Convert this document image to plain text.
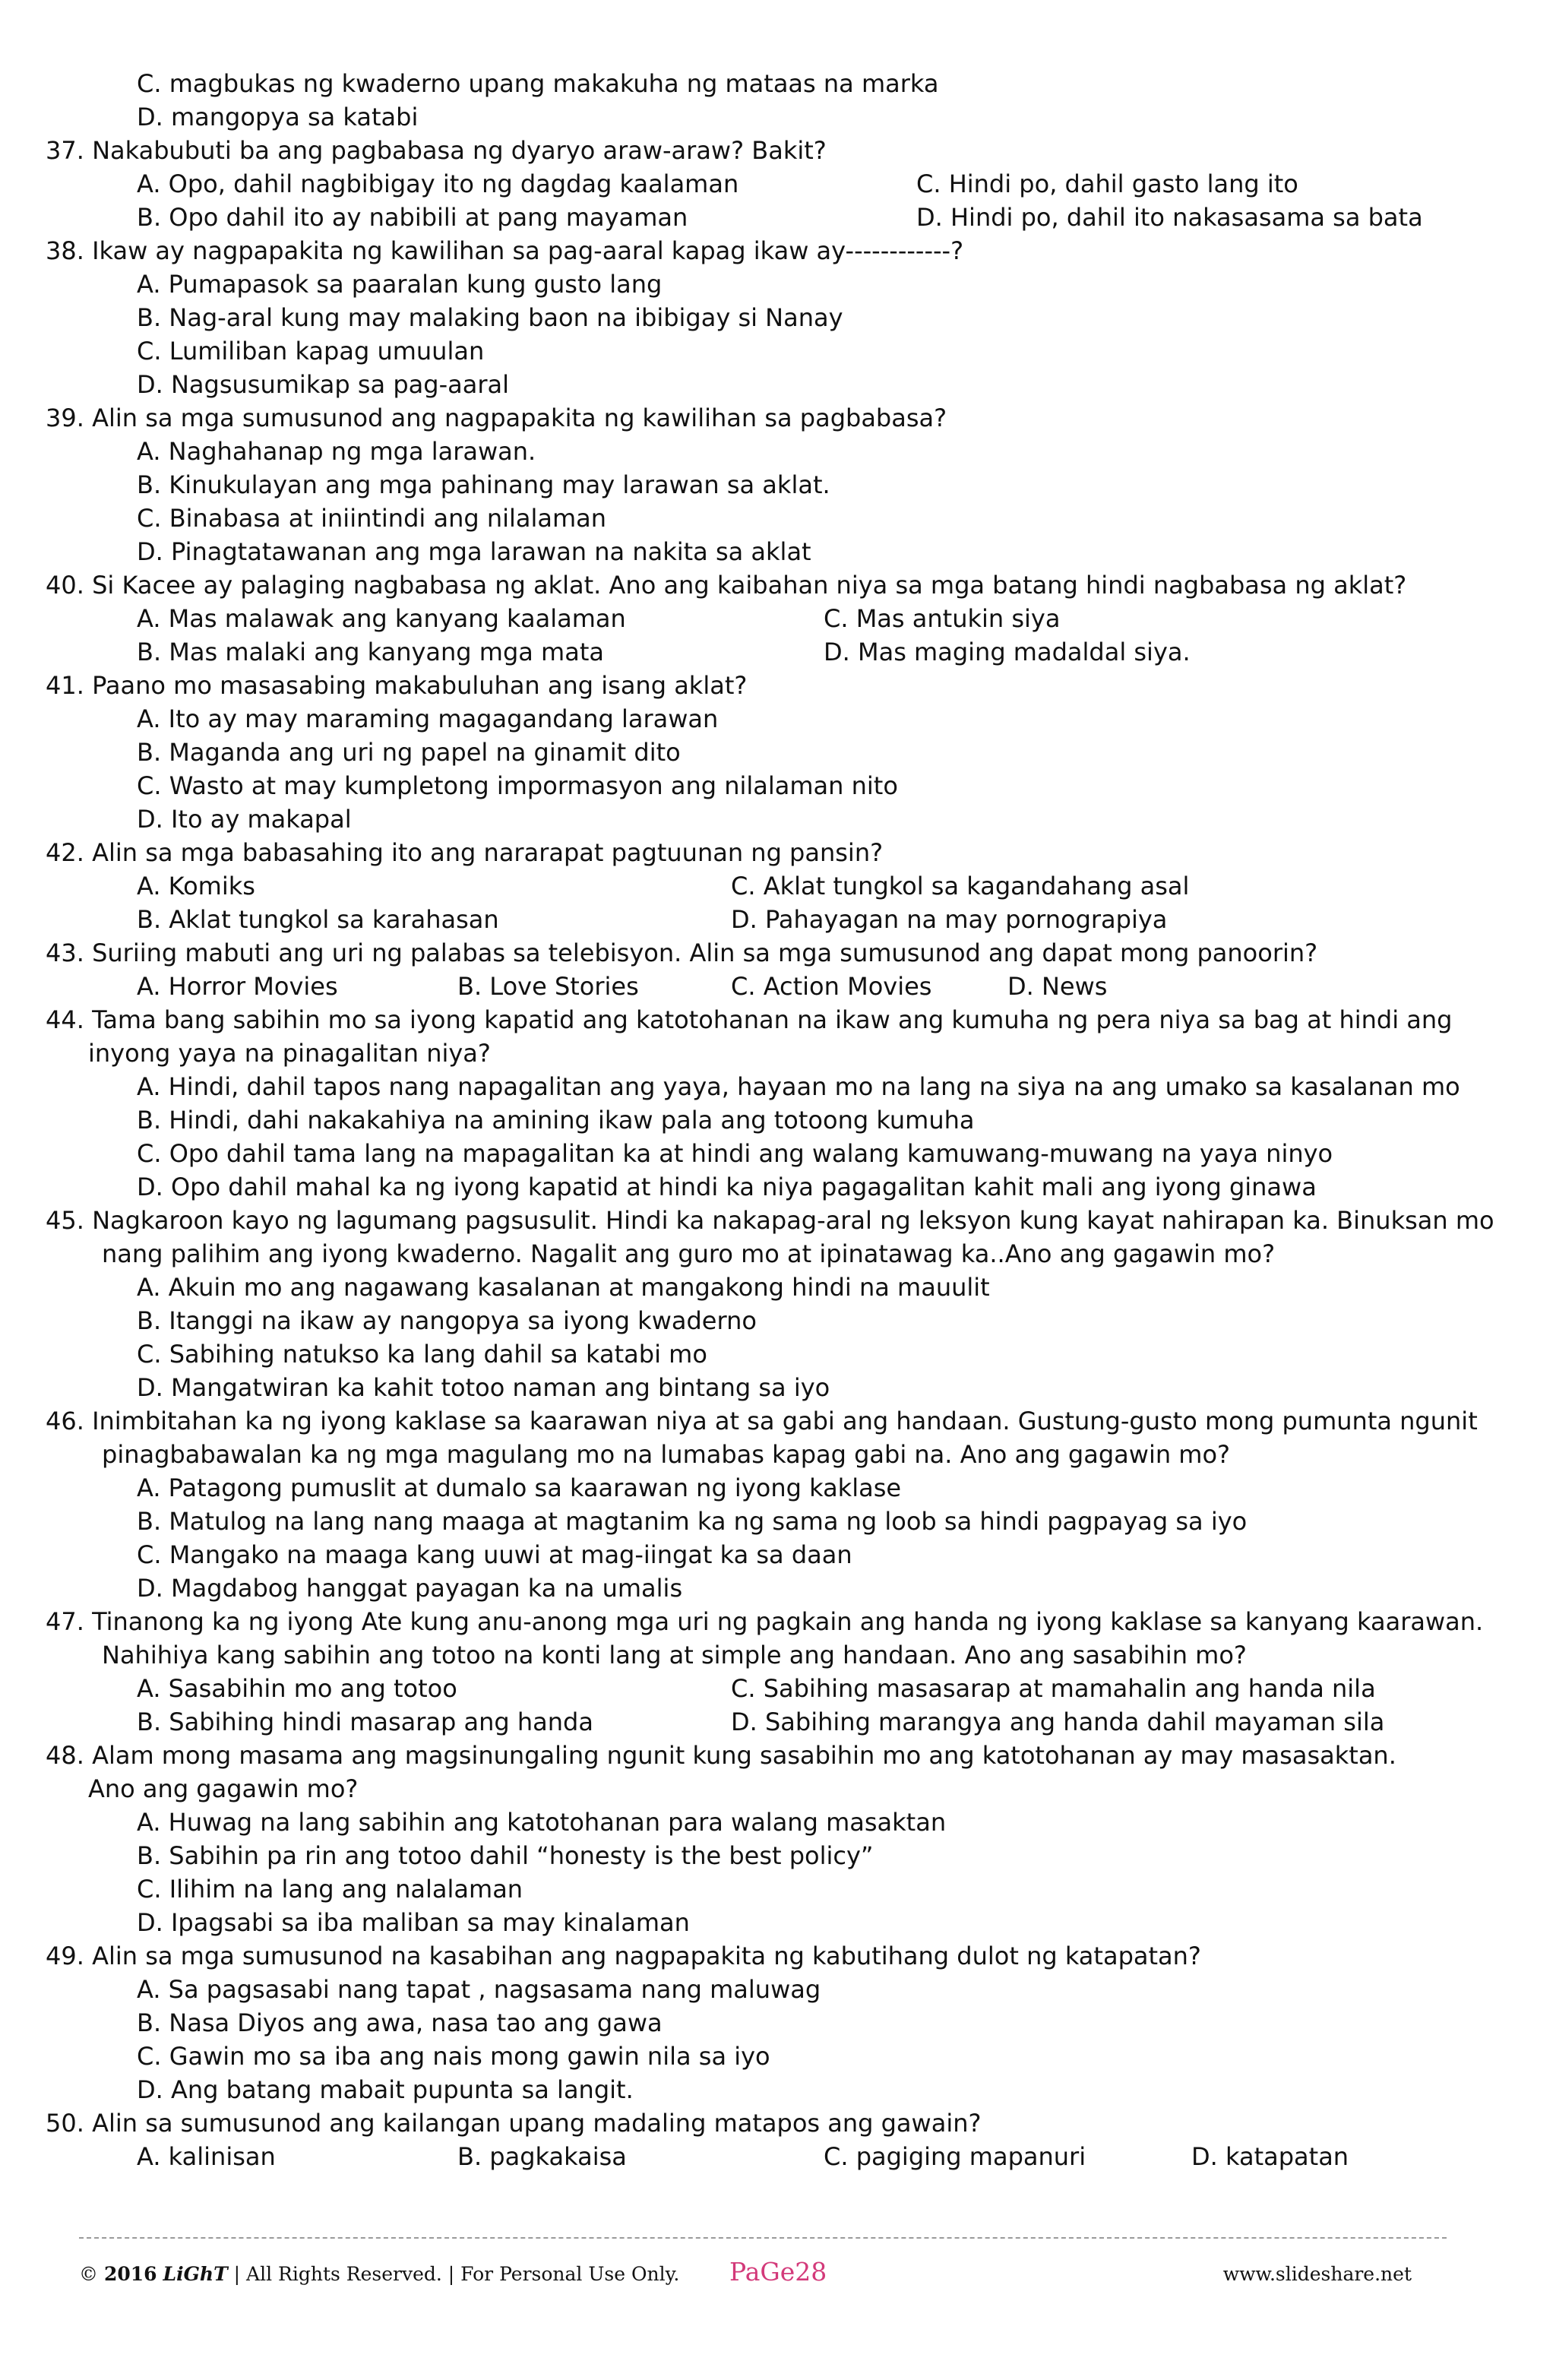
C. magbukas ng kwaderno upang makakuha ng mataas na marka
D. mangopya sa katabi
37. Nakabubuti ba ang pagbabasa ng dyaryo araw-araw? Bakit?
A. Opo, dahil nagbibigay ito ng dagdag kaalaman	C. Hindi po, dahil gasto lang ito
B. Opo dahil ito ay nabibili at pang mayaman	D. Hindi po, dahil ito nakasasama sa bata
38. Ikaw ay nagpapakita ng kawilihan sa pag-aaral kapag ikaw ay------------?
A. Pumapasok sa paaralan kung gusto lang
B. Nag-aral kung may malaking baon na ibibigay si Nanay
C. Lumiliban kapag umuulan
D. Nagsusumikap sa pag-aaral
39. Alin sa mga sumusunod ang nagpapakita ng kawilihan sa pagbabasa?
A. Naghahanap ng mga larawan.
B. Kinukulayan ang mga pahinang may larawan sa aklat.
C. Binabasa at iniintindi ang nilalaman
D. Pinagtatawanan ang mga larawan na nakita sa aklat
40. Si Kacee ay palaging nagbabasa ng aklat. Ano ang kaibahan niya sa mga batang hindi nagbabasa ng aklat?
A. Mas malawak ang kanyang kaalaman	C. Mas antukin siya
B. Mas malaki ang kanyang mga mata	D. Mas maging madaldal siya.
41. Paano mo masasabing makabuluhan ang isang aklat?
A. Ito ay may maraming magagandang larawan
B. Maganda ang uri ng papel na ginamit dito
C. Wasto at may kumpletong impormasyon ang nilalaman nito
D. Ito ay makapal
42. Alin sa mga babasahing ito ang nararapat pagtuunan ng pansin?
A. Komiks	C. Aklat tungkol sa kagandahang asal
B. Aklat tungkol sa karahasan	D. Pahayagan na may pornograpiya
43. Suriing mabuti ang uri ng palabas sa telebisyon. Alin sa mga sumusunod ang dapat mong panoorin?
A. Horror Movies	B. Love Stories	C. Action Movies	D. News
44. Tama bang sabihin mo sa iyong kapatid ang katotohanan na ikaw ang kumuha ng pera niya sa bag at hindi ang
inyong yaya na pinagalitan niya?
A. Hindi, dahil tapos nang napagalitan ang yaya, hayaan mo na lang na siya na ang umako sa kasalanan mo
B. Hindi, dahi nakakahiya na amining ikaw pala ang totoong kumuha
C. Opo dahil tama lang na mapagalitan ka at hindi ang walang kamuwang-muwang na yaya ninyo
D. Opo dahil mahal ka ng iyong kapatid at hindi ka niya pagagalitan kahit mali ang iyong ginawa
45. Nagkaroon kayo ng lagumang pagsusulit. Hindi ka nakapag-aral ng leksyon kung kayat nahirapan ka. Binuksan mo
nang palihim ang iyong kwaderno. Nagalit ang guro mo at ipinatawag ka..Ano ang gagawin mo?
A. Akuin mo ang nagawang kasalanan at mangakong hindi na mauulit
B. Itanggi na ikaw ay nangopya sa iyong kwaderno
C. Sabihing natukso ka lang dahil sa katabi mo
D. Mangatwiran ka kahit totoo naman ang bintang sa iyo
46. Inimbitahan ka ng iyong kaklase sa kaarawan niya at sa gabi ang handaan. Gustung-gusto mong pumunta ngunit
pinagbabawalan ka ng mga magulang mo na lumabas kapag gabi na. Ano ang gagawin mo?
A. Patagong pumuslit at dumalo sa kaarawan ng iyong kaklase
B. Matulog na lang nang maaga at magtanim ka ng sama ng loob sa hindi pagpayag sa iyo
C. Mangako na maaga kang uuwi at mag-iingat ka sa daan
D. Magdabog hanggat payagan ka na umalis
47. Tinanong ka ng iyong Ate kung anu-anong mga uri ng pagkain ang handa ng iyong kaklase sa kanyang kaarawan.
Nahihiya kang sabihin ang totoo na konti lang at simple ang handaan. Ano ang sasabihin mo?
A. Sasabihin mo ang totoo	C. Sabihing masasarap at mamahalin ang handa nila
B. Sabihing hindi masarap ang handa	D. Sabihing marangya ang handa dahil mayaman sila
48. Alam mong masama ang magsinungaling ngunit kung sasabihin mo ang katotohanan ay may masasaktan.
Ano ang gagawin mo?
A. Huwag na lang sabihin ang katotohanan para walang masaktan
B. Sabihin pa rin ang totoo dahil “honesty is the best policy”
C. Ilihim na lang ang nalalaman
D. Ipagsabi sa iba maliban sa may kinalaman
49. Alin sa mga sumusunod na kasabihan ang nagpapakita ng kabutihang dulot ng katapatan?
A. Sa pagsasabi nang tapat , nagsasama nang maluwag
B. Nasa Diyos ang awa, nasa tao ang gawa
C. Gawin mo sa iba ang nais mong gawin nila sa iyo
D. Ang batang mabait pupunta sa langit.
50. Alin sa sumusunod ang kailangan upang madaling matapos ang gawain?
A. kalinisan	B. pagkakaisa	C. pagiging mapanuri	D. katapatan
© 2016 LiGhT | All Rights Reserved. | For Personal Use Only. PaGe28	www.slideshare.net
